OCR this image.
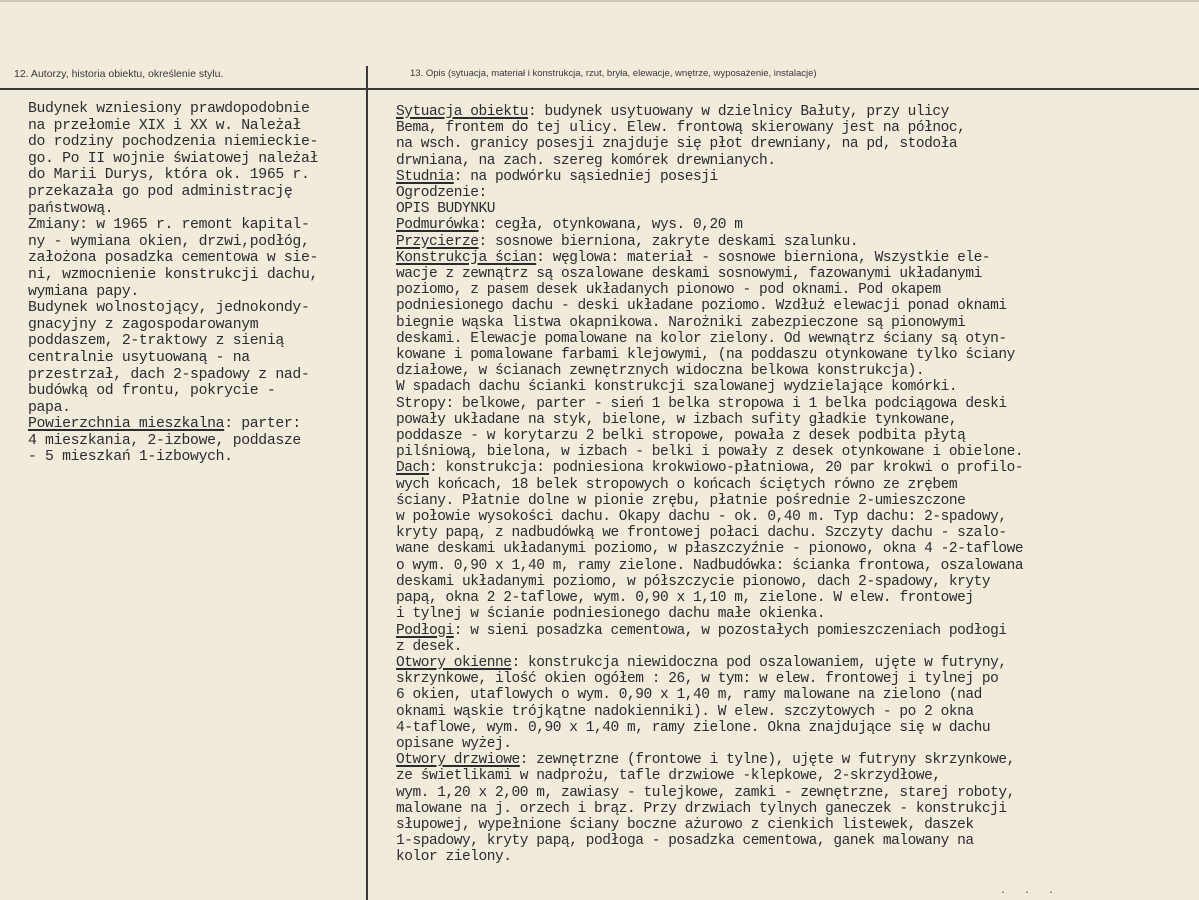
12. Autorzy, historia obiektu, określenie stylu.	13. Opis (sytuacja, materiał i konstrukcja, rzut, bryła, elewacje, wnętrze, wyposażenie, instalacje)
Budynek wzniesiony prawdopodobnie
na przełomie XIX i XX w. Należał
do rodziny pochodzenia niemieckie-
go. Po II wojnie światowej należał
do Marii Durys, która ok. 1965 r.
przekazała go pod administrację
państwową.
Zmiany: w 1965 r. remont kapital-
ny - wymiana okien, drzwi,podłóg,
założona posadzka cementowa w sie-
ni, wzmocnienie konstrukcji dachu,
wymiana papy.
Budynek wolnostojący, jednokondy-
gnacyjny z zagospodarowanym
poddaszem, 2-traktowy z sienią
centralnie usytuowaną - na
przestrzał, dach 2-spadowy z nad-
budówką od frontu, pokrycie -
papa.
Powierzchnia mieszkalna: parter:
4 mieszkania, 2-izbowe, poddasze
- 5 mieszkań 1-izbowych.
Sytuacja obiektu: budynek usytuowany w dzielnicy Bałuty, przy ulicy
Bema, frontem do tej ulicy. Elew. frontową skierowany jest na północ,
na wsch. granicy posesji znajduje się płot drewniany, na pd, stodoła
drwniana, na zach. szereg komórek drewnianych.
Studnia: na podwórku sąsiedniej posesji
Ogrodzenie:
OPIS BUDYNKU
Podmurówka: cegła, otynkowana, wys. 0,20 m
Przycierze: sosnowe bierniona, zakryte deskami szalunku.
Konstrukcja ścian: węglowa: materiał - sosnowe bierniona, Wszystkie ele-
wacje z zewnątrz są oszalowane deskami sosnowymi, fazowanymi układanymi
poziomo, z pasem desek układanych pionowo - pod oknami. Pod okapem
podniesionego dachu - deski układane poziomo. Wzdłuż elewacji ponad oknami
biegnie wąska listwa okapnikowa. Narożniki zabezpieczone są pionowymi
deskami. Elewacje pomalowane na kolor zielony. Od wewnątrz ściany są otyn-
kowane i pomalowane farbami klejowymi, (na poddaszu otynkowane tylko ściany
działowe, w ścianach zewnętrznych widoczna belkowa konstrukcja).
W spadach dachu ścianki konstrukcji szalowanej wydzielające komórki.
Stropy: belkowe, parter - sień 1 belka stropowa i 1 belka podciągowa deski
powały układane na styk, bielone, w izbach sufity gładkie tynkowane,
poddasze - w korytarzu 2 belki stropowe, powała z desek podbita płytą
pilśniową, bielona, w izbach - belki i powały z desek otynkowane i obielone.
Dach: konstrukcja: podniesiona krokwiowo-płatniowa, 20 par krokwi o profilo-
wych końcach, 18 belek stropowych o końcach ściętych równo ze zrębem
ściany. Płatnie dolne w pionie zrębu, płatnie pośrednie 2-umieszczone
w połowie wysokości dachu. Okapy dachu - ok. 0,40 m. Typ dachu: 2-spadowy,
kryty papą, z nadbudówką we frontowej połaci dachu. Szczyty dachu - szalo-
wane deskami układanymi poziomo, w płaszczyźnie - pionowo, okna 4 -2-taflowe
o wym. 0,90 x 1,40 m, ramy zielone. Nadbudówka: ścianka frontowa, oszalowana
deskami układanymi poziomo, w półszczycie pionowo, dach 2-spadowy, kryty
papą, okna 2 2-taflowe, wym. 0,90 x 1,10 m, zielone. W elew. frontowej
i tylnej w ścianie podniesionego dachu małe okienka.
Podłogi: w sieni posadzka cementowa, w pozostałych pomieszczeniach podłogi
z desek.
Otwory okienne: konstrukcja niewidoczna pod oszalowaniem, ujęte w futryny,
skrzynkowe, ilość okien ogółem : 26, w tym: w elew. frontowej i tylnej po
6 okien, utaflowych o wym. 0,90 x 1,40 m, ramy malowane na zielono (nad
oknami wąskie trójkątne nadokienniki). W elew. szczytowych - po 2 okna
4-taflowe, wym. 0,90 x 1,40 m, ramy zielone. Okna znajdujące się w dachu
opisane wyżej.
Otwory drzwiowe: zewnętrzne (frontowe i tylne), ujęte w futryny skrzynkowe,
ze świetlikami w nadprożu, tafle drzwiowe -klepkowe, 2-skrzydłowe,
wym. 1,20 x 2,00 m, zawiasy - tulejkowe, zamki - zewnętrzne, starej roboty,
malowane na j. orzech i brąz. Przy drzwiach tylnych ganeczek - konstrukcji
słupowej, wypełnione ściany boczne ażurowo z cienkich listewek, daszek
1-spadowy, kryty papą, podłoga - posadzka cementowa, ganek malowany na
kolor zielony.
· · ·
